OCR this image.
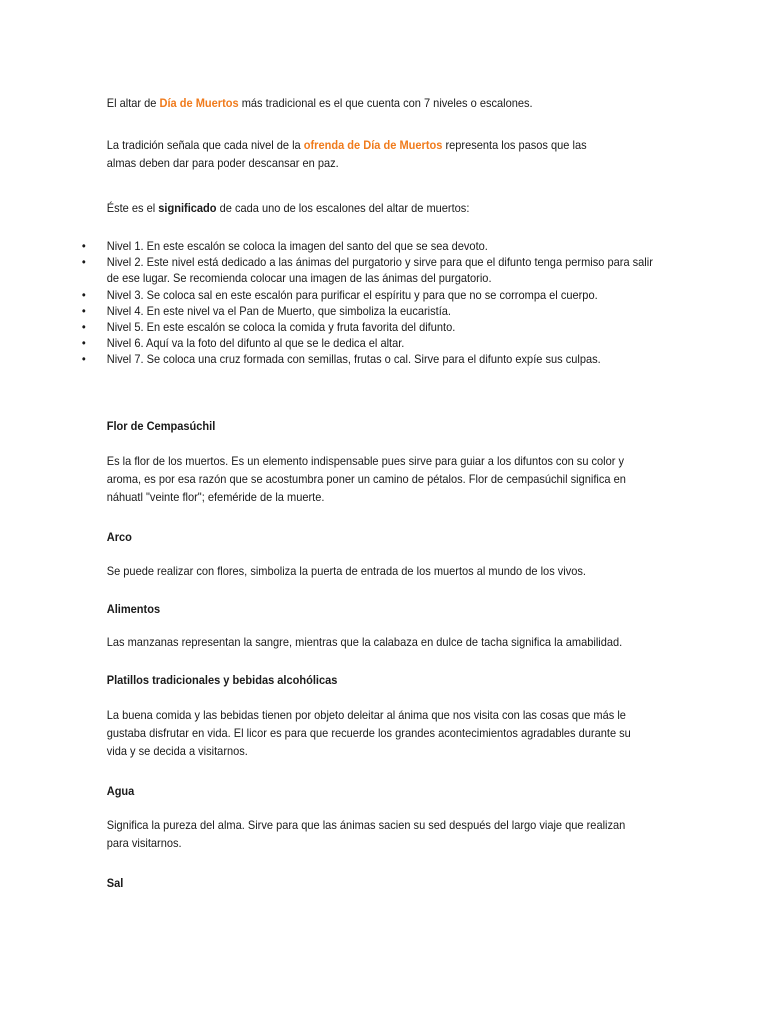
El altar de Día de Muertos más tradicional es el que cuenta con 7 niveles o escalones.

La tradición señala que cada nivel de la ofrenda de Día de Muertos representa los pasos que las almas deben dar para poder descansar en paz.

Éste es el significado de cada uno de los escalones del altar de muertos:

• Nivel 1. En este escalón se coloca la imagen del santo del que se sea devoto.
• Nivel 2. Este nivel está dedicado a las ánimas del purgatorio y sirve para que el difunto tenga permiso para salir de ese lugar. Se recomienda colocar una imagen de las ánimas del purgatorio.
• Nivel 3. Se coloca sal en este escalón para purificar el espíritu y para que no se corrompa el cuerpo.
• Nivel 4. En este nivel va el Pan de Muerto, que simboliza la eucaristía.
• Nivel 5. En este escalón se coloca la comida y fruta favorita del difunto.
• Nivel 6. Aquí va la foto del difunto al que se le dedica el altar.
• Nivel 7. Se coloca una cruz formada con semillas, frutas o cal. Sirve para el difunto expíe sus culpas.
Flor de Cempasúchil

Es la flor de los muertos. Es un elemento indispensable pues sirve para guiar a los difuntos con su color y aroma, es por esa razón que se acostumbra poner un camino de pétalos. Flor de cempasúchil significa en náhuatl "veinte flor"; efeméride de la muerte.

Arco

Se puede realizar con flores, simboliza la puerta de entrada de los muertos al mundo de los vivos.

Alimentos

Las manzanas representan la sangre, mientras que la calabaza en dulce de tacha significa la amabilidad.

Platillos tradicionales y bebidas alcohólicas

La buena comida y las bebidas tienen por objeto deleitar al ánima que nos visita con las cosas que más le gustaba disfrutar en vida. El licor es para que recuerde los grandes acontecimientos agradables durante su vida y se decida a visitarnos.

Agua

Significa la pureza del alma. Sirve para que las ánimas sacien su sed después del largo viaje que realizan para visitarnos.

Sal
